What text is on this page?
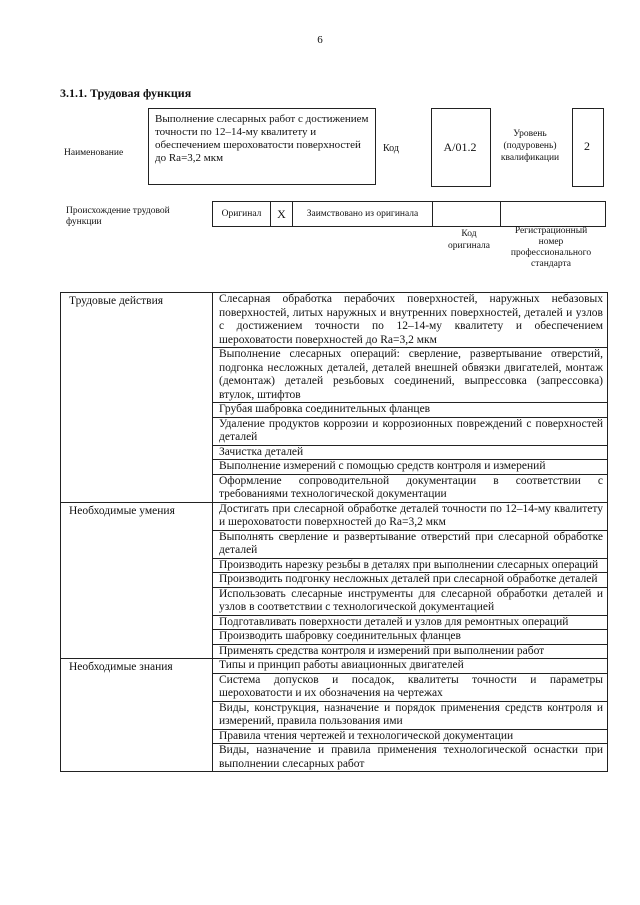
6
3.1.1. Трудовая функция
Наименование
Выполнение слесарных работ с достижением точности по 12–14-му квалитету и обеспечением шероховатости поверхностей до Ra=3,2 мкм
Код	А/01.2
Уровень (подуровень) квалификации
2
Происхождение трудовой функции
Оригинал X Заимствовано из оригинала
Код оригинала
Регистрационный номер профессионального стандарта
Трудовые действия	Слесарная обработка перабочих поверхностей, наружных небазовых поверхностей, литых наружных и внутренних поверхностей, деталей и узлов с достижением точности по 12–14-му квалитету и обеспечением шероховатости поверхностей до Ra=3,2 мкм
Выполнение слесарных операций: сверление, развертывание отверстий, подгонка несложных деталей, деталей внешней обвязки двигателей, монтаж (демонтаж) деталей резьбовых соединений, выпрессовка (запрессовка) втулок, штифтов
Грубая шабровка соединительных фланцев
Удаление продуктов коррозии и коррозионных повреждений с поверхностей деталей
Зачистка деталей
Выполнение измерений с помощью средств контроля и измерений
Оформление сопроводительной документации в соответствии с требованиями технологической документации
Необходимые умения	Достигать при слесарной обработке деталей точности по 12–14-му квалитету и шероховатости поверхностей до Ra=3,2 мкм
Выполнять сверление и развертывание отверстий при слесарной обработке деталей
Производить нарезку резьбы в деталях при выполнении слесарных операций
Производить подгонку несложных деталей при слесарной обработке деталей
Использовать слесарные инструменты для слесарной обработки деталей и узлов в соответствии с технологической документацией
Подготавливать поверхности деталей и узлов для ремонтных операций
Производить шабровку соединительных фланцев
Применять средства контроля и измерений при выполнении работ
Необходимые знания	Типы и принцип работы авиационных двигателей
Система допусков и посадок, квалитеты точности и параметры шероховатости и их обозначения на чертежах
Виды, конструкция, назначение и порядок применения средств контроля и измерений, правила пользования ими
Правила чтения чертежей и технологической документации
Виды, назначение и правила применения технологической оснастки при выполнении слесарных работ
